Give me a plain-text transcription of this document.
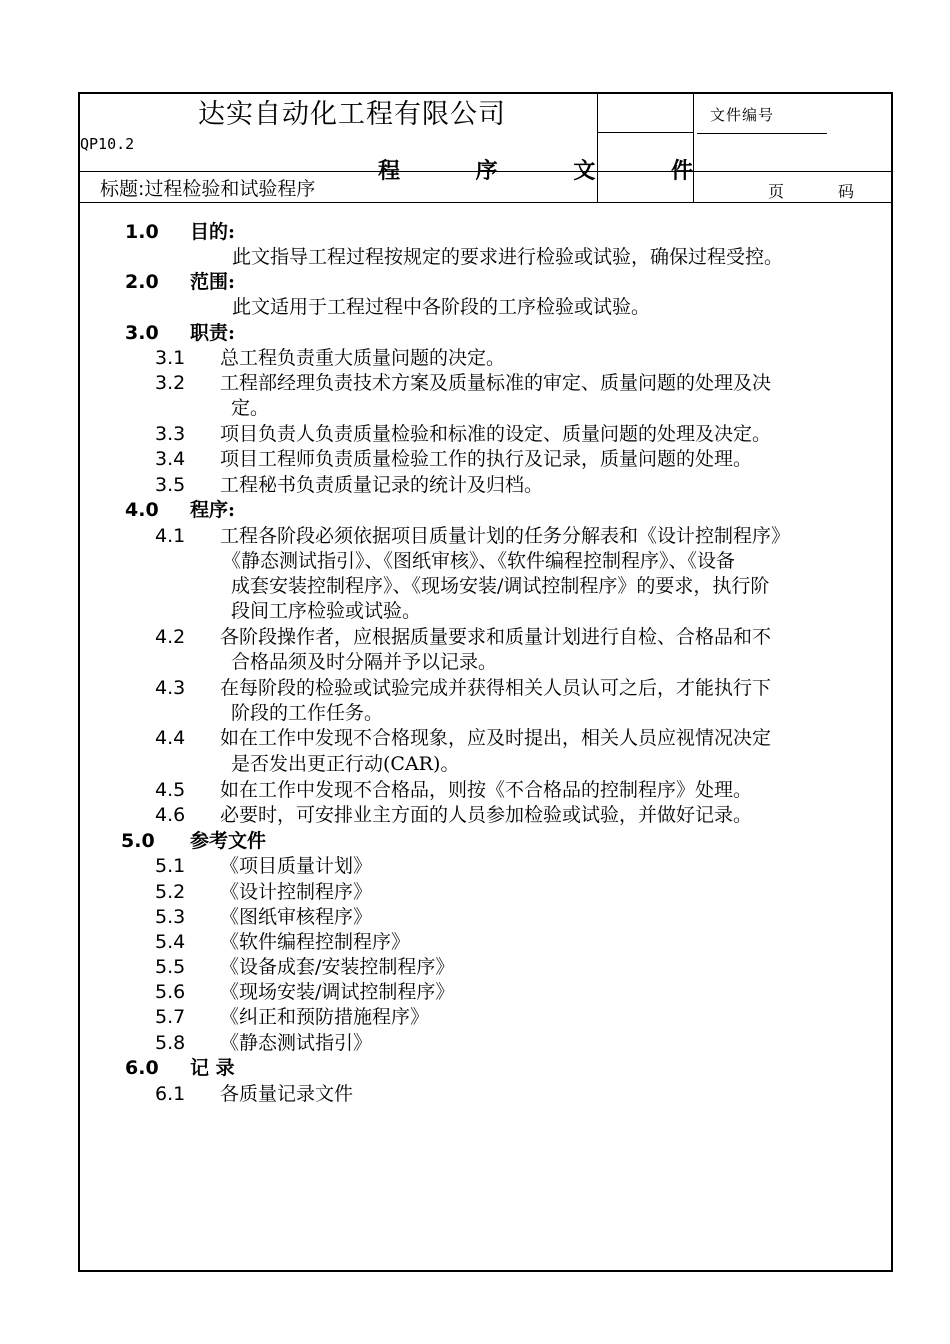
达实自动化工程有限公司
QP10.2
程 序 文 件
文件编号
标题:过程检验和试验程序	页	码
1.0 目的:
此文指导工程过程按规定的要求进行检验或试验，确保过程受控。
2.0 范围:
此文适用于工程过程中各阶段的工序检验或试验。
3.0 职责:
3.1 总工程负责重大质量问题的决定。
3.2 工程部经理负责技术方案及质量标准的审定、质量问题的处理及决
定。
3.3 项目负责人负责质量检验和标准的设定、质量问题的处理及决定。
3.4 项目工程师负责质量检验工作的执行及记录，质量问题的处理。
3.5 工程秘书负责质量记录的统计及归档。
4.0 程序:
4.1 工程各阶段必须依据项目质量计划的任务分解表和《设计控制程序》
《静态测试指引》、《图纸审核》、《软件编程控制程序》、《设备
成套安装控制程序》、《现场安装/调试控制程序》的要求，执行阶
段间工序检验或试验。
4.2 各阶段操作者，应根据质量要求和质量计划进行自检、合格品和不
合格品须及时分隔并予以记录。
4.3 在每阶段的检验或试验完成并获得相关人员认可之后，才能执行下
阶段的工作任务。
4.4 如在工作中发现不合格现象，应及时提出，相关人员应视情况决定
是否发出更正行动(CAR)。
4.5 如在工作中发现不合格品，则按《不合格品的控制程序》处理。
4.6 必要时，可安排业主方面的人员参加检验或试验，并做好记录。
5.0 参考文件
5.1 《项目质量计划》
5.2 《设计控制程序》
5.3 《图纸审核程序》
5.4 《软件编程控制程序》
5.5 《设备成套/安装控制程序》
5.6 《现场安装/调试控制程序》
5.7 《纠正和预防措施程序》
5.8 《静态测试指引》
6.0 记 录
6.1 各质量记录文件
